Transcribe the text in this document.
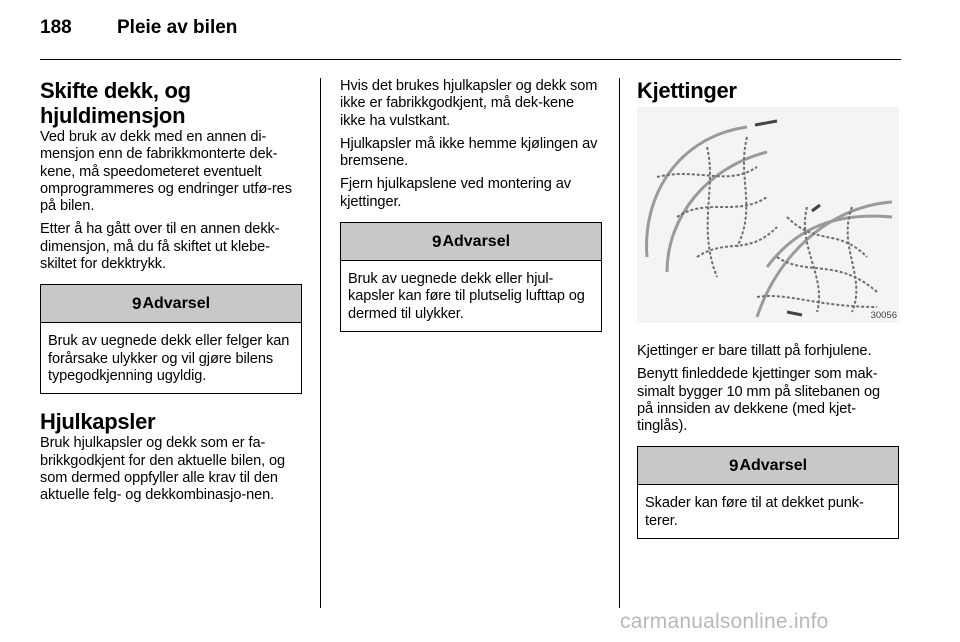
188 Pleie av bilen
Skifte dekk, og hjuldimensjon

Ved bruk av dekk med en annen di-mensjon enn de fabrikkmonterte dek-kene, må speedometeret eventuelt omprogrammeres og endringer utfø-res på bilen.

Etter å ha gått over til en annen dekk-dimensjon, må du få skiftet ut klebe-skiltet for dekktrykk.

9 Advarsel

Bruk av uegnede dekk eller felger kan forårsake ulykker og vil gjøre bilens typegodkjenning ugyldig.

Hjulkapsler

Bruk hjulkapsler og dekk som er fa-brikkgodkjent for den aktuelle bilen, og som dermed oppfyller alle krav til den aktuelle felg- og dekkombinasjo-nen.

Hvis det brukes hjulkapsler og dekk som ikke er fabrikkgodkjent, må dek-kene ikke ha vulstkant.

Hjulkapsler må ikke hemme kjølingen av bremsene.

Fjern hjulkapslene ved montering av kjettinger.

9 Advarsel

Bruk av uegnede dekk eller hjul-kapsler kan føre til plutselig lufttap og dermed til ulykker.

Kjettinger
30056

Kjettinger er bare tillatt på forhjulene.

Benytt finleddede kjettinger som mak-simalt bygger 10 mm på slitebanen og på innsiden av dekkene (med kjet-tinglås).

9 Advarsel

Skader kan føre til at dekket punk-terer.

carmanualsonline.info
